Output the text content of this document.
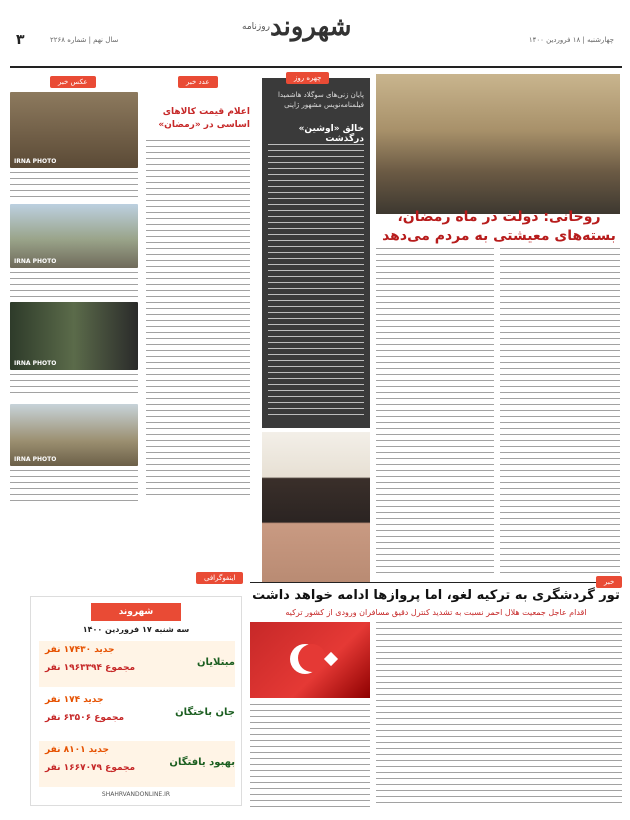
۳	سال نهم | شماره ۲۲۶۸
روزنامه شهروند	چهارشنبه | ۱۸ فروردین ۱۴۰۰
عکس خبر
IRNA PHOTO
IRNA PHOTO
IRNA PHOTO
IRNA PHOTO
عدد خبر
اعلام قیمت کالاهای اساسی در «رمضان»
چهره روز
پایان زنی‌های سوگلاد هاشمیدا فیلمنامه‌نویس مشهور ژاپنی
خالق «اوشین» درگذشت
روحانی: دولت در ماه رمضان، بسته‌های معیشتی به مردم می‌دهد
خبر
تور گردشگری به ترکیه لغو، اما پروازها ادامه خواهد داشت
اقدام عاجل جمعیت هلال احمر نسبت به تشدید کنترل دقیق مسافران ورودی از کشور ترکیه
اینفوگرافی
شهروند
سه شنبه ۱۷ فروردین ۱۴۰۰
مبتلایان
جدید ۱۷۴۳۰ نفر
مجموع ۱۹۶۳۳۹۴ نفر
جان باختگان
جدید ۱۷۴ نفر
مجموع ۶۳۵۰۶ نفر
بهبود یافتگان
جدید ۸۱۰۱ نفر
مجموع ۱۶۶۷۰۷۹ نفر
SHAHRVANDONLINE.IR
